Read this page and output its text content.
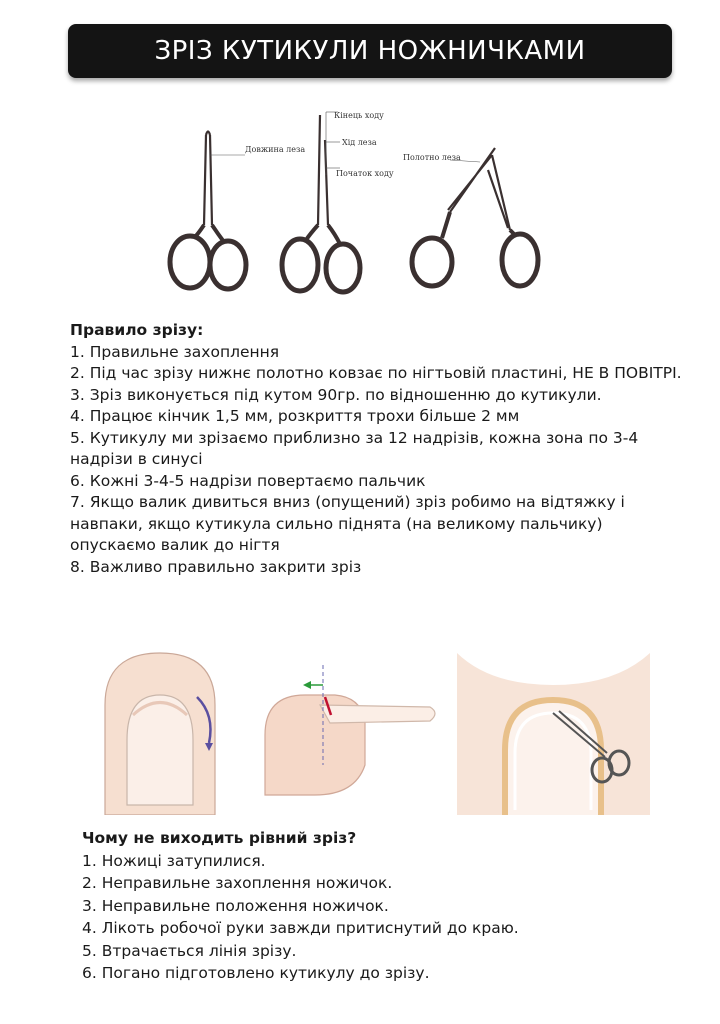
ЗРІЗ КУТИКУЛИ НОЖНИЧКАМИ
Довжина леза
Кінець ходу
Хід леза
Початок ходу
Полотно леза
Правило зрізу:

1. Правильне захоплення

2. Під час зрізу нижнє полотно ковзає по нігтьовій пластині, НЕ В ПОВІТРІ.

3. Зріз виконується під кутом 90гр. по відношенню до кутикули.

4. Працює кінчик 1,5 мм, розкриття трохи більше 2 мм

5. Кутикулу ми зрізаємо приблизно за 12 надрізів, кожна зона по 3-4 надрізи в синусі

6. Кожні 3-4-5 надрізи повертаємо пальчик

7. Якщо валик дивиться вниз (опущений) зріз робимо на відтяжку і навпаки, якщо кутикула сильно піднята (на великому пальчику) опускаємо валик до нігтя

8. Важливо правильно закрити зріз

Чому не виходить рівний зріз?

1. Ножиці затупилися.

2. Неправильне захоплення ножичок.

3. Неправильне положення ножичок.

4. Лікоть робочої руки завжди притиснутий до краю.

5. Втрачається лінія зрізу.

6. Погано підготовлено кутикулу до зрізу.
